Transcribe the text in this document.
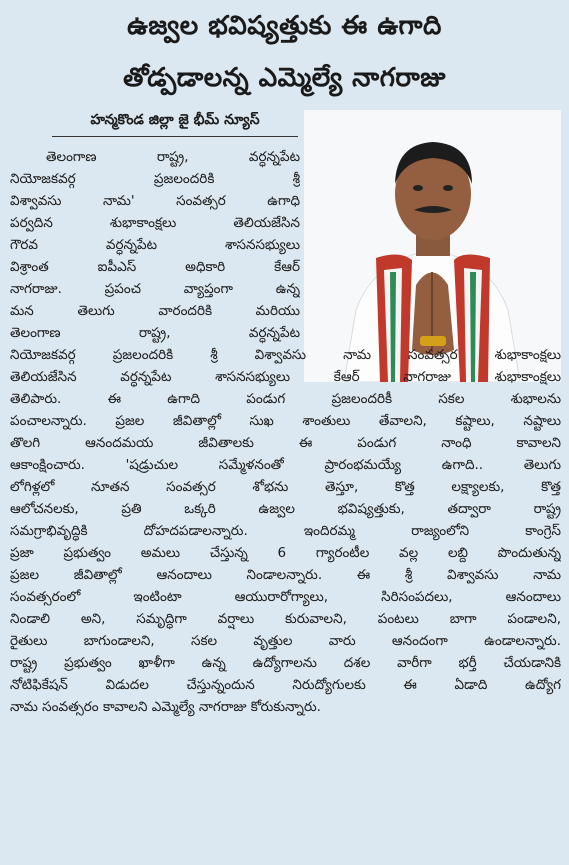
ఉజ్వల భవిష్యత్తుకు ఈ ఉగాది
తోడ్పడాలన్న ఎమ్మెల్యే నాగరాజు
హన్మకొండ జిల్లా జై భీమ్ న్యూస్
తెలంగాణ రాష్ట్ర, వర్ధన్నపేట
నియోజకవర్గ ప్రజలందరికి శ్రీ
విశ్వావసు నామ' సంవత్సర ఉగాధి
పర్వదిన శుభాకాంక్షలు తెలియజేసిన
గౌరవ వర్ధన్నపేట శాసనసభ్యులు
విశ్రాంత ఐపీఎస్ అధికారి కేఆర్
నాగరాజు. ప్రపంచ వ్యాప్తంగా ఉన్న
మన తెలుగు వారందరికి మరియు
తెలంగాణ రాష్ట్ర, వర్ధన్నపేట
నియోజకవర్గ ప్రజలందరికి శ్రీ విశ్వావసు నామ సంవత్సర శుభాకాంక్షలు
తెలియజేసిన వర్ధన్నపేట శాసనసభ్యులు కేఆర్ నాగరాజు శుభాకాంక్షలు
తెలిపారు. ఈ ఉగాది పండుగ ప్రజలందరికీ సకల శుభాలను
పంచాలన్నారు. ప్రజల జీవితాల్లో సుఖ శాంతులు తేవాలని, కష్టాలు, నష్టాలు
తొలగి ఆనందమయ జీవితాలకు ఈ పండుగ నాంధి కావాలని
ఆకాంక్షించారు. 'షడ్రుచుల సమ్మేళనంతో ప్రారంభమయ్యే ఉగాది.. తెలుగు
లోగిళ్లలో నూతన సంవత్సర శోభను తెస్తూ, కొత్త లక్ష్యాలకు, కొత్త
ఆలోచనలకు, ప్రతి ఒక్కరి ఉజ్వల భవిష్యత్తుకు, తద్వారా రాష్ట్ర
సమగ్రాభివృద్ధికి దోహదపడాలన్నారు. ఇందిరమ్మ రాజ్యంలోని కాంగ్రెస్
ప్రజా ప్రభుత్వం అమలు చేస్తున్న 6 గ్యారంటీల వల్ల లబ్ది పొందుతున్న
ప్రజల జీవితాల్లో ఆనందాలు నిండాలన్నారు. ఈ శ్రీ విశ్వావసు నామ
సంవత్సరంలో ఇంటింటా ఆయురారోగ్యాలు, సిరిసంపదలు, ఆనందాలు
నిండాలి అని, సమృద్ధిగా వర్షాలు కురువాలని, పంటలు బాగా పండాలని,
రైతులు బాగుండాలని, సకల వృత్తుల వారు ఆనందంగా ఉండాలన్నారు.
రాష్ట్ర ప్రభుత్వం ఖాళీగా ఉన్న ఉద్యోగాలను దశల వారీగా భర్తీ చేయడానికి
నోటిఫికేషన్ విడుదల చేస్తున్నందున నిరుద్యోగులకు ఈ ఏడాది ఉద్యోగ
నామ సంవత్సరం కావాలని ఎమ్మెల్యే నాగరాజు కోరుకున్నారు.
